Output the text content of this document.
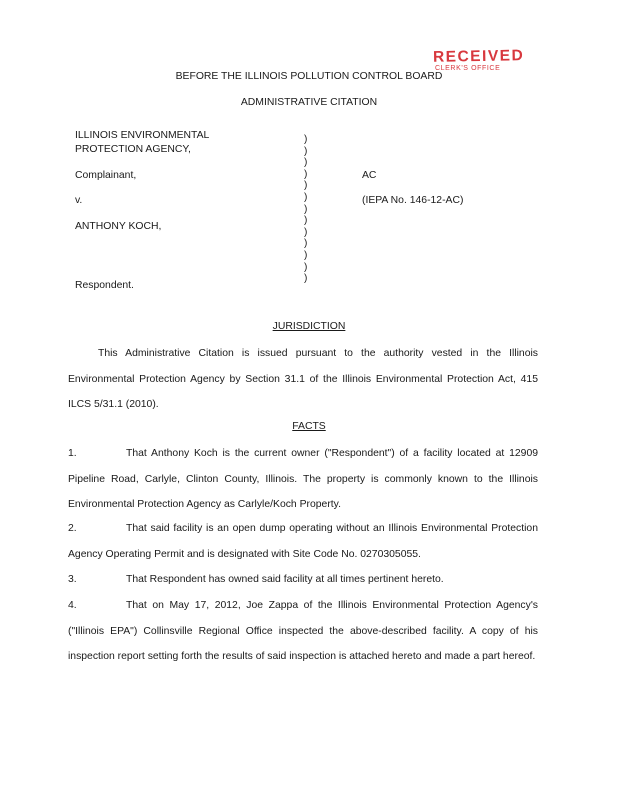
RECEIVED
CLERK'S OFFICE
BEFORE THE ILLINOIS POLLUTION CONTROL BOARD
ADMINISTRATIVE CITATION
ILLINOIS ENVIRONMENTAL
PROTECTION AGENCY,
Complainant,
v.
ANTHONY KOCH,
Respondent.
)
)
)
)
)
)
)
)
)
)
)
)
)
AC
(IEPA No. 146-12-AC)
JURISDICTION
This Administrative Citation is issued pursuant to the authority vested in the Illinois Environmental Protection Agency by Section 31.1 of the Illinois Environmental Protection Act, 415 ILCS 5/31.1 (2010).
FACTS
1.	That Anthony Koch is the current owner ("Respondent") of a facility located at 12909 Pipeline Road, Carlyle, Clinton County, Illinois. The property is commonly known to the Illinois Environmental Protection Agency as Carlyle/Koch Property.
2.	That said facility is an open dump operating without an Illinois Environmental Protection Agency Operating Permit and is designated with Site Code No. 0270305055.
3.	That Respondent has owned said facility at all times pertinent hereto.
4.	That on May 17, 2012, Joe Zappa of the Illinois Environmental Protection Agency's ("Illinois EPA") Collinsville Regional Office inspected the above-described facility. A copy of his inspection report setting forth the results of said inspection is attached hereto and made a part hereof.
